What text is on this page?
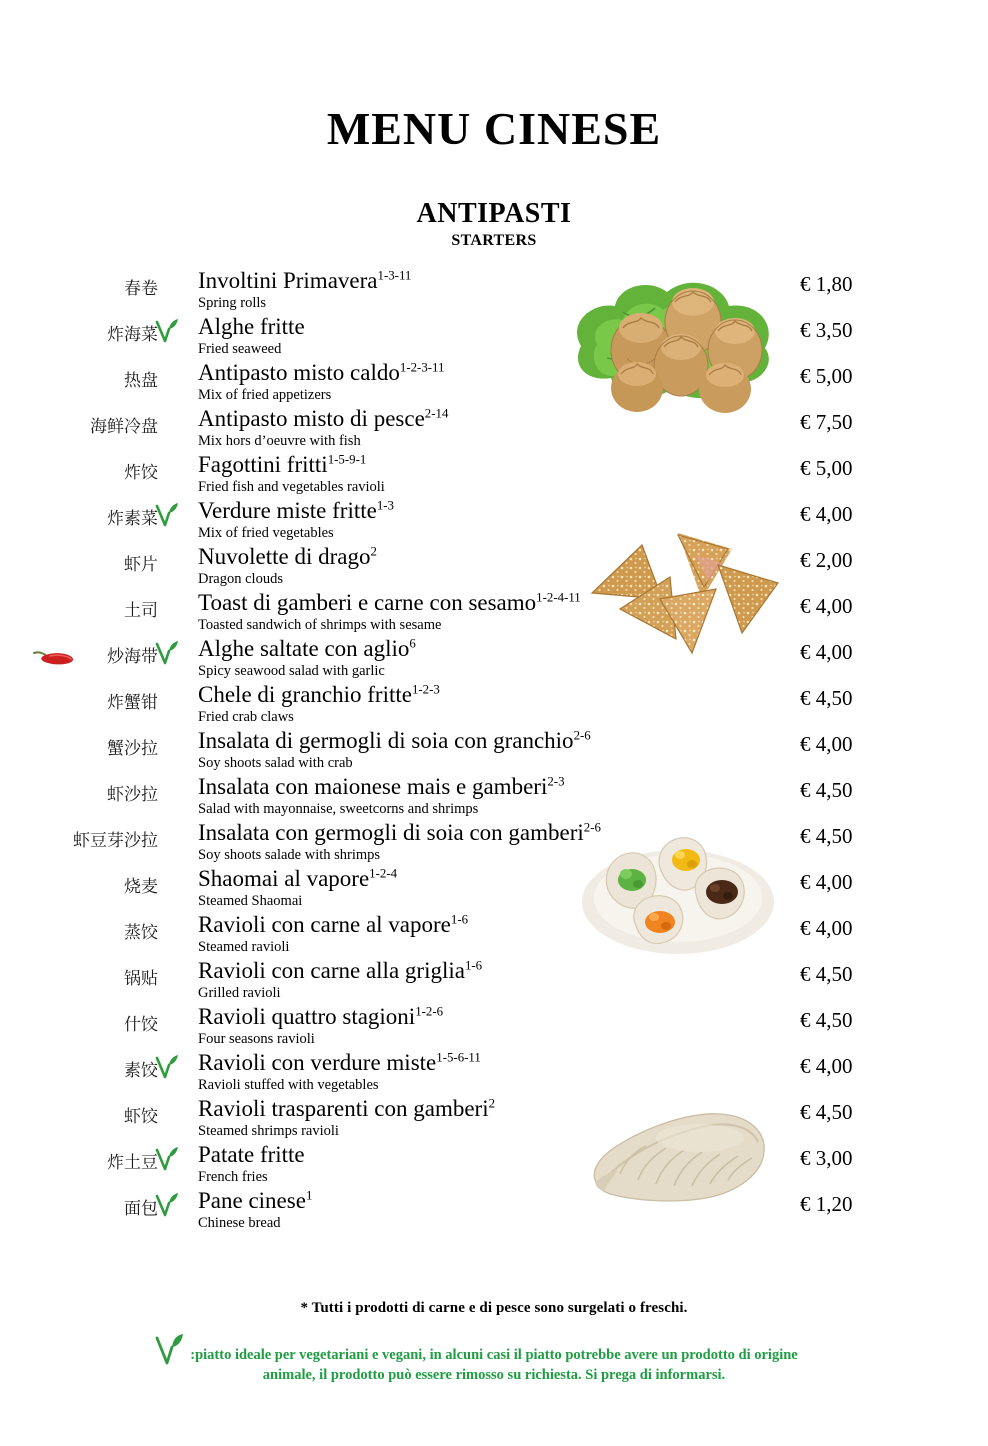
MENU CINESE
ANTIPASTI
STARTERS
春卷 Involtini Primavera$^{1-3-11}$
Spring rolls
€ 1,80
炸海菜 Alghe fritte
Fried seaweed
€ 3,50
热盘 Antipasto misto caldo$^{1-2-3-11}$
Mix of fried appetizers
€ 5,00
海鲜冷盘 Antipasto misto di pesce$^{2-14}$
Mix hors d’oeuvre with fish
€ 7,50
炸饺 Fagottini fritti$^{1-5-9-1}$
Fried fish and vegetables ravioli
€ 5,00
炸素菜 Verdure miste fritte$^{1-3}$
Mix of fried vegetables
€ 4,00
虾片 Nuvolette di drago$^2$
Dragon clouds
€ 2,00
土司 Toast di gamberi e carne con sesamo$^{1-2-4-11}$
Toasted sandwich of shrimps with sesame
€ 4,00
炒海带 Alghe saltate con aglio$^6$
Spicy seawood salad with garlic
€ 4,00
炸蟹钳 Chele di granchio fritte$^{1-2-3}$
Fried crab claws
€ 4,50
蟹沙拉 Insalata di germogli di soia con granchio$^{2-6}$
Soy shoots salad with crab
€ 4,00
虾沙拉 Insalata con maionese mais e gamberi$^{2-3}$
Salad with mayonnaise, sweetcorns and shrimps
€ 4,50
虾豆芽沙拉 Insalata con germogli di soia con gamberi$^{2-6}$
Soy shoots salade with shrimps
€ 4,50
烧麦 Shaomai al vapore$^{1-2-4}$
Steamed Shaomai
€ 4,00
蒸饺 Ravioli con carne al vapore$^{1-6}$
Steamed ravioli
€ 4,00
锅贴 Ravioli con carne alla griglia$^{1-6}$
Grilled ravioli
€ 4,50
什饺 Ravioli quattro stagioni$^{1-2-6}$
Four seasons ravioli
€ 4,50
素饺 Ravioli con verdure miste$^{1-5-6-11}$
Ravioli stuffed with vegetables
€ 4,00
虾饺 Ravioli trasparenti con gamberi$^2$
Steamed shrimps ravioli
€ 4,50
炸土豆 Patate fritte
French fries
€ 3,00
面包 Pane cinese$^1$
Chinese bread
€ 1,20
* Tutti i prodotti di carne e di pesce sono surgelati o freschi.
:piatto ideale per vegetariani e vegani, in alcuni casi il piatto potrebbe avere un prodotto di origine
animale, il prodotto può essere rimosso su richiesta. Si prega di informarsi.
